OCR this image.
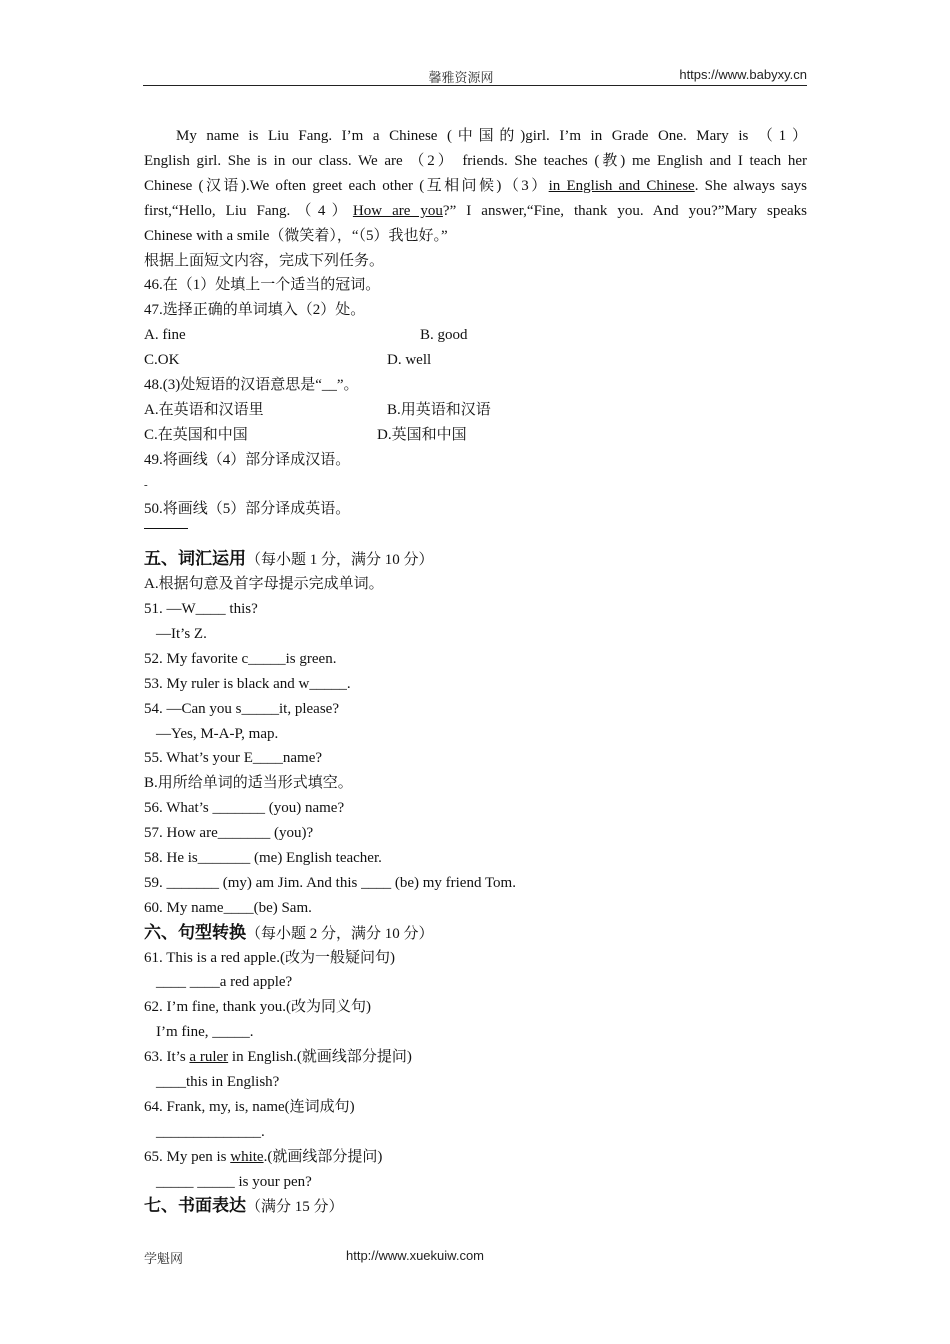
馨雅资源网	https://www.babyxy.cn
My name is Liu Fang. I’m a Chinese (中国的)girl. I’m in Grade One. Mary is （1）
English girl. She is in our class. We are （2） friends. She teaches (教) me English and I teach her
Chinese (汉语).We often greet each other (互相问候)（3）in English and Chinese. She always says
first,“Hello, Liu Fang.（4）How are you?” I answer,“Fine, thank you. And you?”Mary speaks
Chinese with a smile（微笑着），“（5）我也好。”
根据上面短文内容，完成下列任务。
46.在（1）处填上一个适当的冠词。
47.选择正确的单词填入（2）处。
A. fine	B. good
C.OK	D. well
48.(3)处短语的汉语意思是“__”。
A.在英语和汉语里	B.用英语和汉语
C.在英国和中国	D.英国和中国
49.将画线（4）部分译成汉语。
-
50.将画线（5）部分译成英语。
五、词汇运用（每小题 1 分，满分 10 分）
A.根据句意及首字母提示完成单词。
51. —W____ this?
—It’s Z.
52. My favorite c_____is green.
53. My ruler is black and w_____.
54. —Can you s_____it, please?
—Yes, M-A-P, map.
55. What’s your E____name?
B.用所给单词的适当形式填空。
56. What’s _______ (you) name?
57. How are_______ (you)?
58. He is_______ (me) English teacher.
59. _______ (my) am Jim. And this ____ (be) my friend Tom.
60. My name____(be) Sam.
六、句型转换（每小题 2 分，满分 10 分）
61. This is a red apple.(改为一般疑问句)
____ ____a red apple?
62. I’m fine, thank you.(改为同义句)
I’m fine, _____.
63. It’s a ruler in English.(就画线部分提问)
____this in English?
64. Frank, my, is, name(连词成句)
______________.
65. My pen is white.(就画线部分提问)
_____ _____ is your pen?
七、书面表达（满分 15 分）
学魁网	http://www.xuekuiw.com
